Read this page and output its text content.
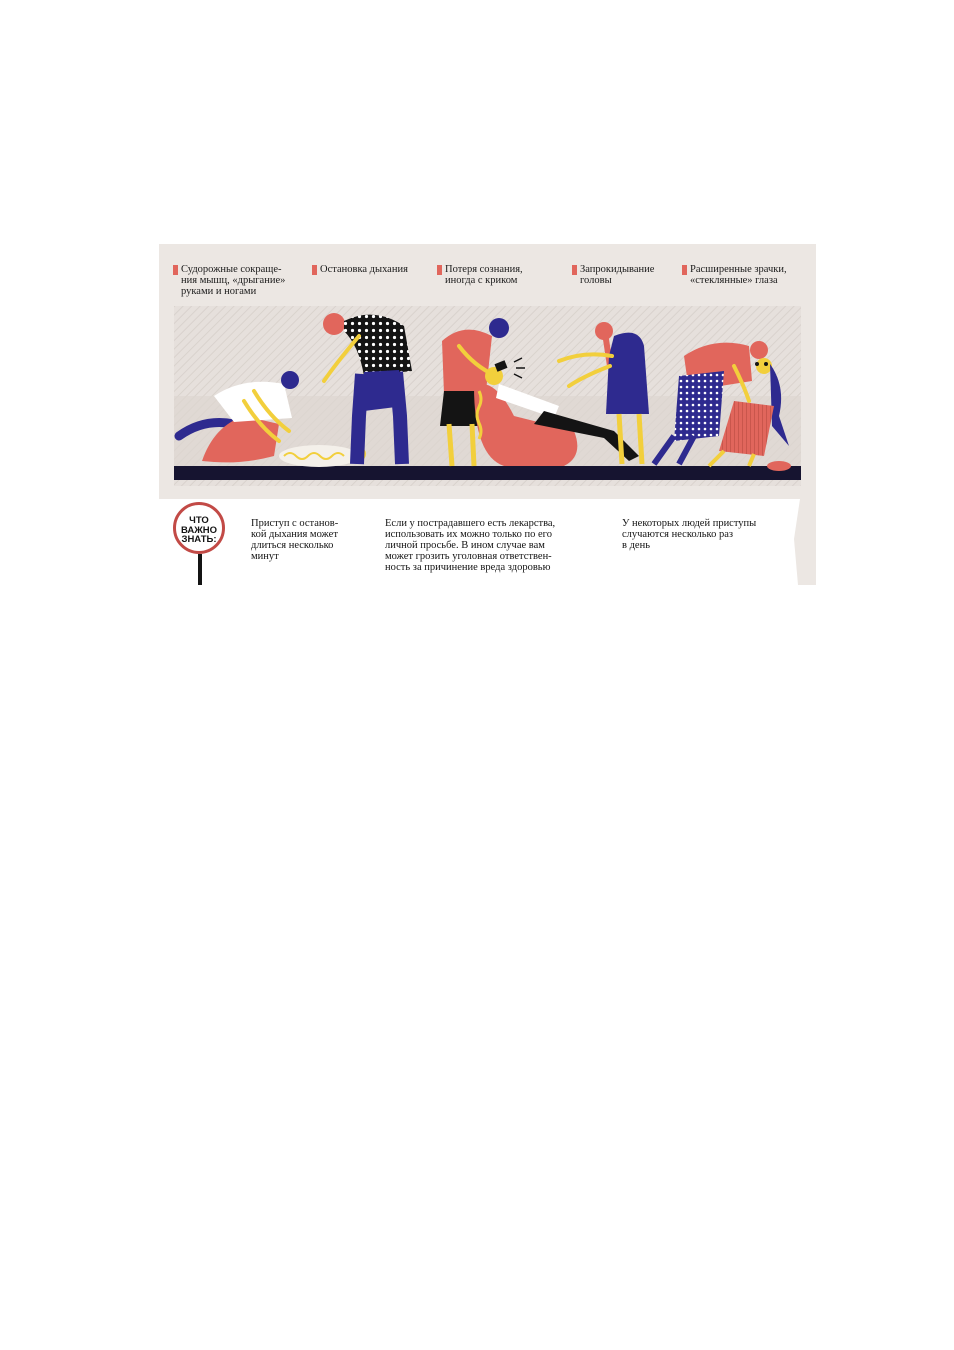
Судорожные сокраще-
ния мышц, «дрыгание»
руками и ногами
Остановка дыхания	Потеря сознания,
иногда с криком
Запрокидывание
головы
Расширенные зрачки,
«стеклянные» глаза
ЧТО
ВАЖНО
ЗНАТЬ:
Приступ с останов-
кой дыхания может
длиться несколько
минут
Если у пострадавшего есть лекарства,
использовать их можно только по его
личной просьбе. В ином случае вам
может грозить уголовная ответствен-
ность за причинение вреда здоровью
У некоторых людей приступы
случаются несколько раз
в день
